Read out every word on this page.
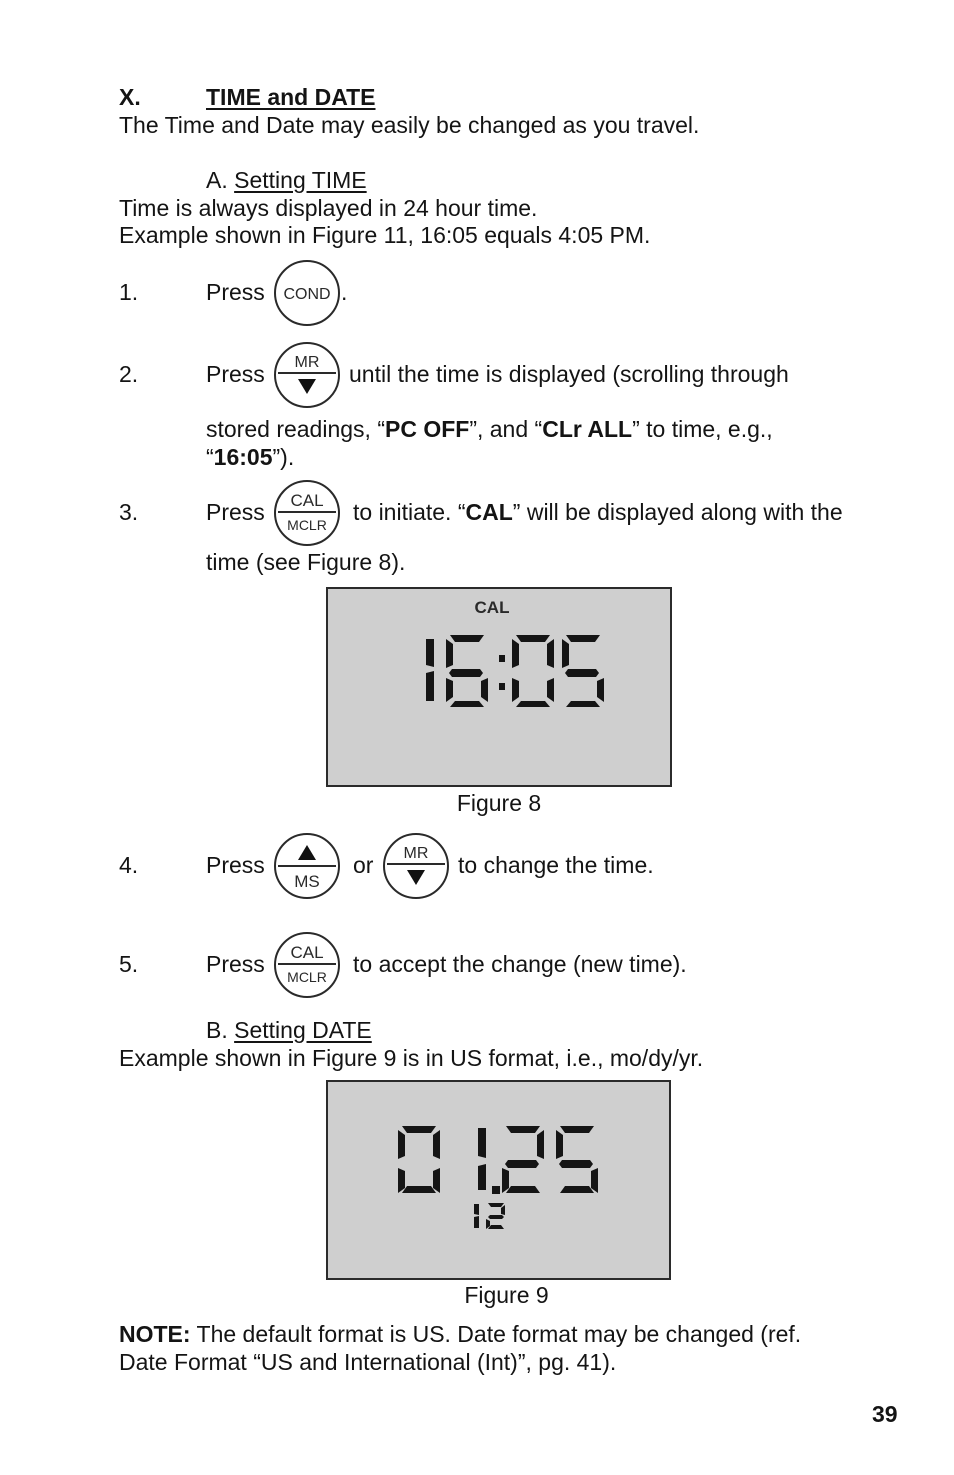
X.	TIME and DATE
The Time and Date may easily be changed as you travel.
A. Setting TIME
Time is always displayed in 24 hour time.
Example shown in Figure 11, 16:05 equals 4:05 PM.
1.	Press COND .
2.	Press MR until the time is displayed (scrolling through
stored readings, “PC OFF”, and “CLr ALL” to time, e.g.,
“16:05”).
3.	Press CAL
MCLR to initiate. “CAL” will be displayed along with the
time (see Figure 8).
CAL
Figure 8
4.	Press
MS
or MR to change the time.
5.	Press CAL
MCLR to accept the change (new time).
B. Setting DATE
Example shown in Figure 9 is in US format, i.e., mo/dy/yr.
Figure 9
NOTE: The default format is US. Date format may be changed (ref.
Date Format “US and International (Int)”, pg. 41).
39
